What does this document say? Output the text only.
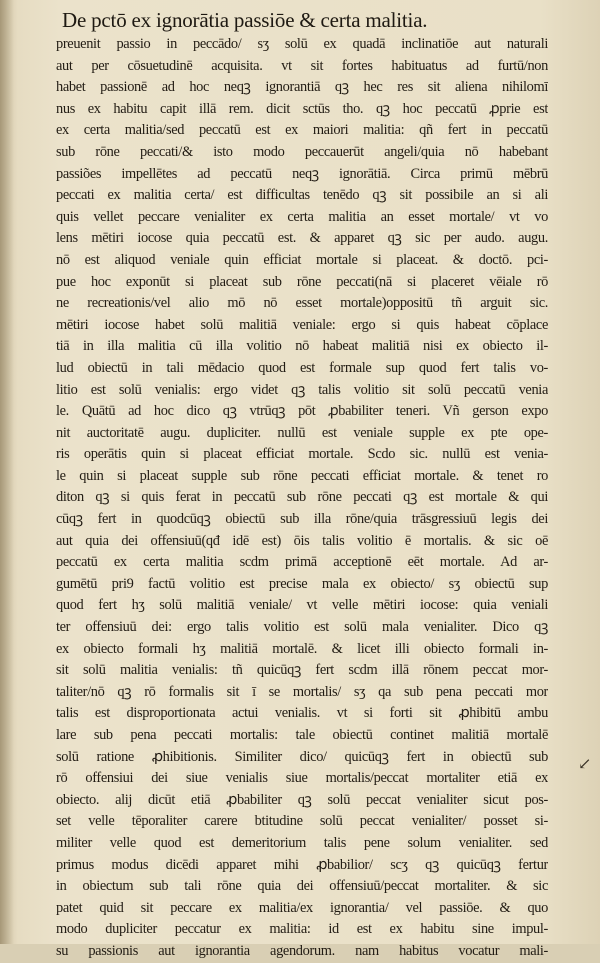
De pctō ex ignorātia passiōe & certa malitia.
preuenit passio in peccādo/ sʒ solū ex quadā inclinatiōe aut naturali
aut per cōsuetudinē acquisita. vt sit fortes habituatus ad furtū/non
habet passionē ad hoc neqꝫ ignorantiā qꝫ hec res sit aliena nihilomī
nus ex habitu capit illā rem. dicit sctūs tho. qꝫ hoc peccatū ꝓprie est
ex certa malitia/sed peccatū est ex maiori malitia: qñ fert in peccatū
sub rōne peccati/& isto modo peccauerūt angeli/quia nō habebant
passiões impellētes ad peccatū neqꝫ ignorātiā. Circa primū mēbrū
peccati ex malitia certa/ est difficultas tenēdo qꝫ sit possibile an si ali
quis vellet peccare venialiter ex certa malitia an esset mortale/ vt vo
lens mētiri iocose quia peccatū est. & apparet qꝫ sic per audo. augu.
nō est aliquod veniale quin efficiat mortale si placeat. & doctō. pci-
pue hoc exponūt si placeat sub rōne peccati(nā si placeret vēiale rō
ne recreationis/vel alio mō nō esset mortale)oppositū tñ arguit sic.
mētiri iocose habet solū malitiā veniale: ergo si quis habeat cōplace
tiā in illa malitia cū illa volitio nō habeat malitiā nisi ex obiecto il-
lud obiectū in tali mēdacio quod est formale sup quod fert talis vo-
litio est solū venialis: ergo videt qꝫ talis volitio sit solū peccatū venia
le. Quātū ad hoc dico qꝫ vtrūqꝫ pōt ꝓbabiliter teneri. Vñ gerson expo
nit auctoritatē augu. dupliciter. nullū est veniale supple ex pte ope-
ris operātis quin si placeat efficiat mortale. Scdo sic. nullū est venia-
le quin si placeat supple sub rōne peccati efficiat mortale. & tenet ro
diton qꝫ si quis ferat in peccatū sub rōne peccati qꝫ est mortale & qui
cūqꝫ fert in quodcūqꝫ obiectū sub illa rōne/quia trāsgressiuū legis dei
aut quia dei offensiuū(qđ idē est) ōis talis volitio ē mortalis. & sic oē
peccatū ex certa malitia scdm primā acceptionē eēt mortale. Ad ar-
gumētū pri9 factū volitio est precise mala ex obiecto/ sʒ obiectū sup
quod fert hʒ solū malitiā veniale/ vt velle mētiri iocose: quia veniali
ter offensiuū dei: ergo talis volitio est solū mala venialiter. Dico qꝫ
ex obiecto formali hʒ malitiā mortalē. & licet illi obiecto formali in-
sit solū malitia venialis: tñ quicūqꝫ fert scdm illā rōnem peccat mor-
taliter/nō qꝫ rō formalis sit ī se mortalis/ sʒ qa sub pena peccati mor
talis est disproportionata actui venialis. vt si forti sit ꝓhibitū ambu
lare sub pena peccati mortalis: tale obiectū continet malitiā mortalē
solū ratione ꝓhibitionis. Similiter dico/ quicūqꝫ fert in obiectū sub
rō offensiui dei siue venialis siue mortalis/peccat mortaliter etiā ex
obiecto. alij dicūt etiā ꝓbabiliter qꝫ solū peccat venialiter sicut pos-
set velle tēporaliter carere btitudine solū peccat venialiter/ posset si-
militer velle quod est demeritorium talis pene solum venialiter. sed
primus modus dicēdi apparet mihi ꝓbabilior/ scʒ qꝫ quicūqꝫ fertur
in obiectum sub tali rōne quia dei offensiuū/peccat mortaliter. & sic
patet quid sit peccare ex malitia/ex ignorantia/ vel passiōe. & quo
modo dupliciter peccatur ex malitia: id est ex habitu sine impul-
su passionis aut ignorantia agendorum. nam habitus vocatur mali-
↙
